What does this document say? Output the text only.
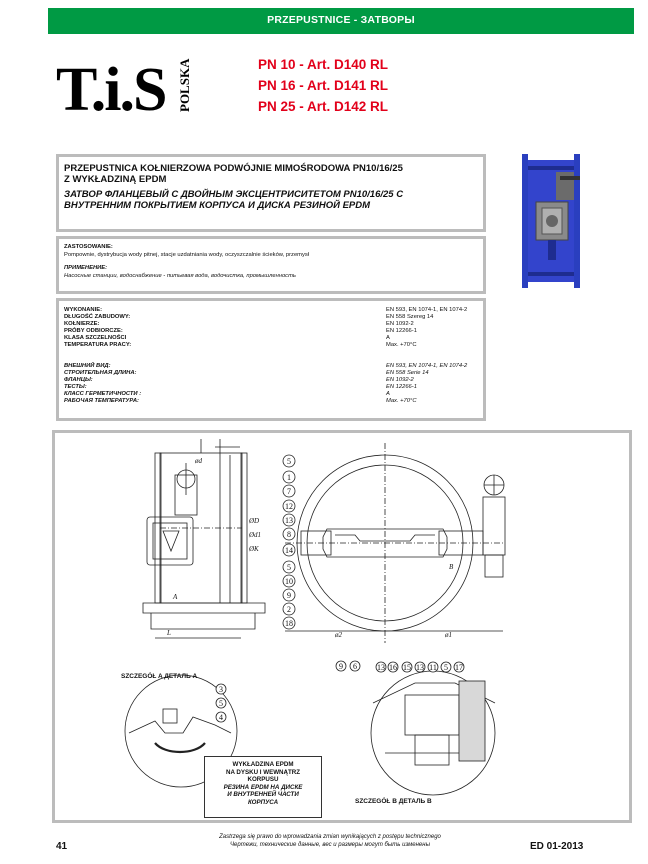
PRZEPUSTNICE - ЗАТВОРЫ
T.i.S POLSKA	PN 10 - Art. D140 RL
PN 16 - Art. D141 RL
PN 25 - Art. D142 RL
PRZEPUSTNICA KOŁNIERZOWA PODWÓJNIE MIMOŚRODOWA PN10/16/25
Z WYKŁADZINĄ EPDM
ЗАТВОР ФЛАНЦЕВЫЙ С ДВОЙНЫМ ЭКСЦЕНТРИСИТЕТОМ PN10/16/25 С
ВНУТРЕННИМ ПОКРЫТИЕМ КОРПУСА И ДИСКА РЕЗИНОЙ EPDM
ZASTOSOWANIE:
Pompownie, dystrybucja wody pitnej, stacje uzdatniania wody, oczyszczalnie ścieków, przemysł
ПРИМЕНЕНИЕ:
Насосные станции, водоснабжение - питьевая вода, водочистка, промышленность
WYKONANIE:	EN 593, EN 1074-1, EN 1074-2
DŁUGOŚĆ ZABUDOWY:	EN 558 Szereg 14
KOŁNIERZE:	EN 1092-2
PRÓBY ODBIORCZE:	EN 12266-1
KLASA SZCZELNOŚCI	A
TEMPERATURA PRACY:	Max. +70°C
ВНЕШНИЙ ВИД:	EN 593, EN 1074-1, EN 1074-2
СТРОИТЕЛЬНАЯ ДЛИНА:	EN 558 Serie 14
ФЛАНЦЫ:	EN 1092-2
ТЕСТЫ:	EN 12266-1
КЛАСС ГЕРМЕТИЧНОСТИ :	A
РАБОЧАЯ ТЕМПЕРАТУРА:	Max. +70°C
5
1
7
12
13
8
14
5
10
9
2
18
3
5
4
9 6	13 16 15 13 11 5 17
A
B
L
ød
ø2	ø1
ØD
Ød1
ØK
SZCZEGÓŁ A ДЕТАЛЬ А
SZCZEGÓŁ B ДЕТАЛЬ В
WYKŁADZINA EPDM
NA DYSKU I WEWNĄTRZ
KORPUSU
РЕЗИНА EPDM НА ДИСКЕ
И ВНУТРЕННЕЙ ЧАСТИ
КОРПУСА
41
Zastrzega się prawo do wprowadzania zmian wynikających z postępu technicznego
Чертежи, технические данные, вес и размеры могут быть изменены	ED 01-2013
